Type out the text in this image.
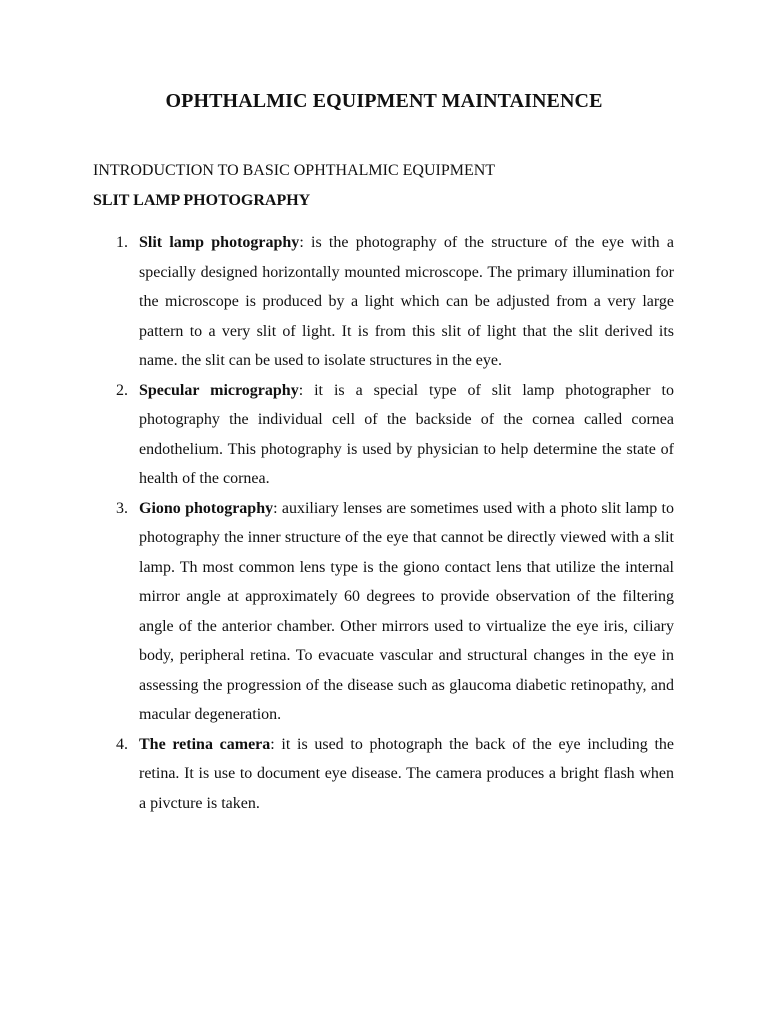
OPHTHALMIC EQUIPMENT MAINTAINENCE
INTRODUCTION TO BASIC OPHTHALMIC EQUIPMENT
SLIT LAMP PHOTOGRAPHY
1. Slit lamp photography: is the photography of the structure of the eye with a specially designed horizontally mounted microscope. The primary illumination for the microscope is produced by a light which can be adjusted from a very large pattern to a very slit of light. It is from this slit of light that the slit derived its name. the slit can be used to isolate structures in the eye.
2. Specular micrography: it is a special type of slit lamp photographer to photography the individual cell of the backside of the cornea called cornea endothelium. This photography is used by physician to help determine the state of health of the cornea.
3. Giono photography: auxiliary lenses are sometimes used with a photo slit lamp to photography the inner structure of the eye that cannot be directly viewed with a slit lamp. Th most common lens type is the giono contact lens that utilize the internal mirror angle at approximately 60 degrees to provide observation of the filtering angle of the anterior chamber. Other mirrors used to virtualize the eye iris, ciliary body, peripheral retina. To evacuate vascular and structural changes in the eye in assessing the progression of the disease such as glaucoma diabetic retinopathy, and macular degeneration.
4. The retina camera: it is used to photograph the back of the eye including the retina. It is use to document eye disease. The camera produces a bright flash when a pivcture is taken.
